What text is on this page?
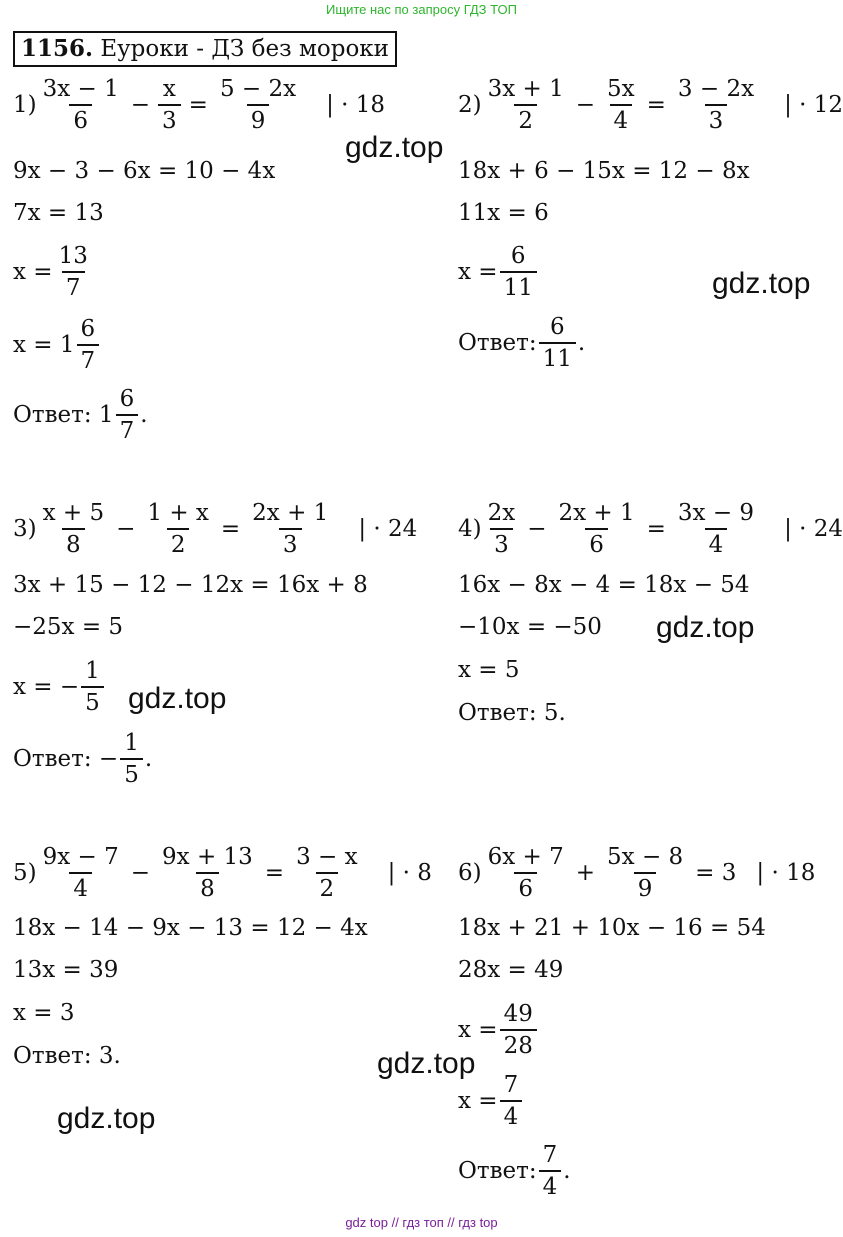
Ищите нас по запросу ГДЗ ТОП
1156. Еуроки - ДЗ без мороки
$1) \frac{3x - 1}{6} - \frac{x}{3} = \frac{5 - 2x}{9}$ | · 18
9x − 3 − 6x = 10 − 4x
7x = 13
$x = \frac{13}{7}$
$x = 1 \frac{6}{7}$
Ответ: $1 \frac{6}{7}$ .
$2) \frac{3x + 1}{2} - \frac{5x}{4} = \frac{3 - 2x}{3}$ | · 12
18x + 6 − 15x = 12 − 8x
11x = 6
$x = \frac{6}{11}$
Ответ: $\frac{6}{11}$ .
$3) \frac{x + 5}{8} - \frac{1 + x}{2} = \frac{2x + 1}{3}$ | · 24
3x + 15 − 12 − 12x = 16x + 8
−25x = 5
x = − $\frac{1}{5}$
Ответ: − $\frac{1}{5}$ .
$4) \frac{2x}{3} - \frac{2x + 1}{6} = \frac{3x - 9}{4}$ | · 24
16x − 8x − 4 = 18x − 54
−10x = −50
x = 5
Ответ: 5.
$5) \frac{9x - 7}{4} - \frac{9x + 13}{8} = \frac{3 - x}{2}$ | · 8
18x − 14 − 9x − 13 = 12 − 4x
13x = 39
x = 3
Ответ: 3.
$6) \frac{6x + 7}{6} + \frac{5x - 8}{9} = 3$ | · 18
18x + 21 + 10x − 16 = 54
28x = 49
$x = \frac{49}{28}$
$x = \frac{7}{4}$
Ответ: $\frac{7}{4}$ .
gdz.top
gdz.top
gdz.top
gdz.top
gdz.top
gdz.top
gdz top // гдз топ // гдз top
